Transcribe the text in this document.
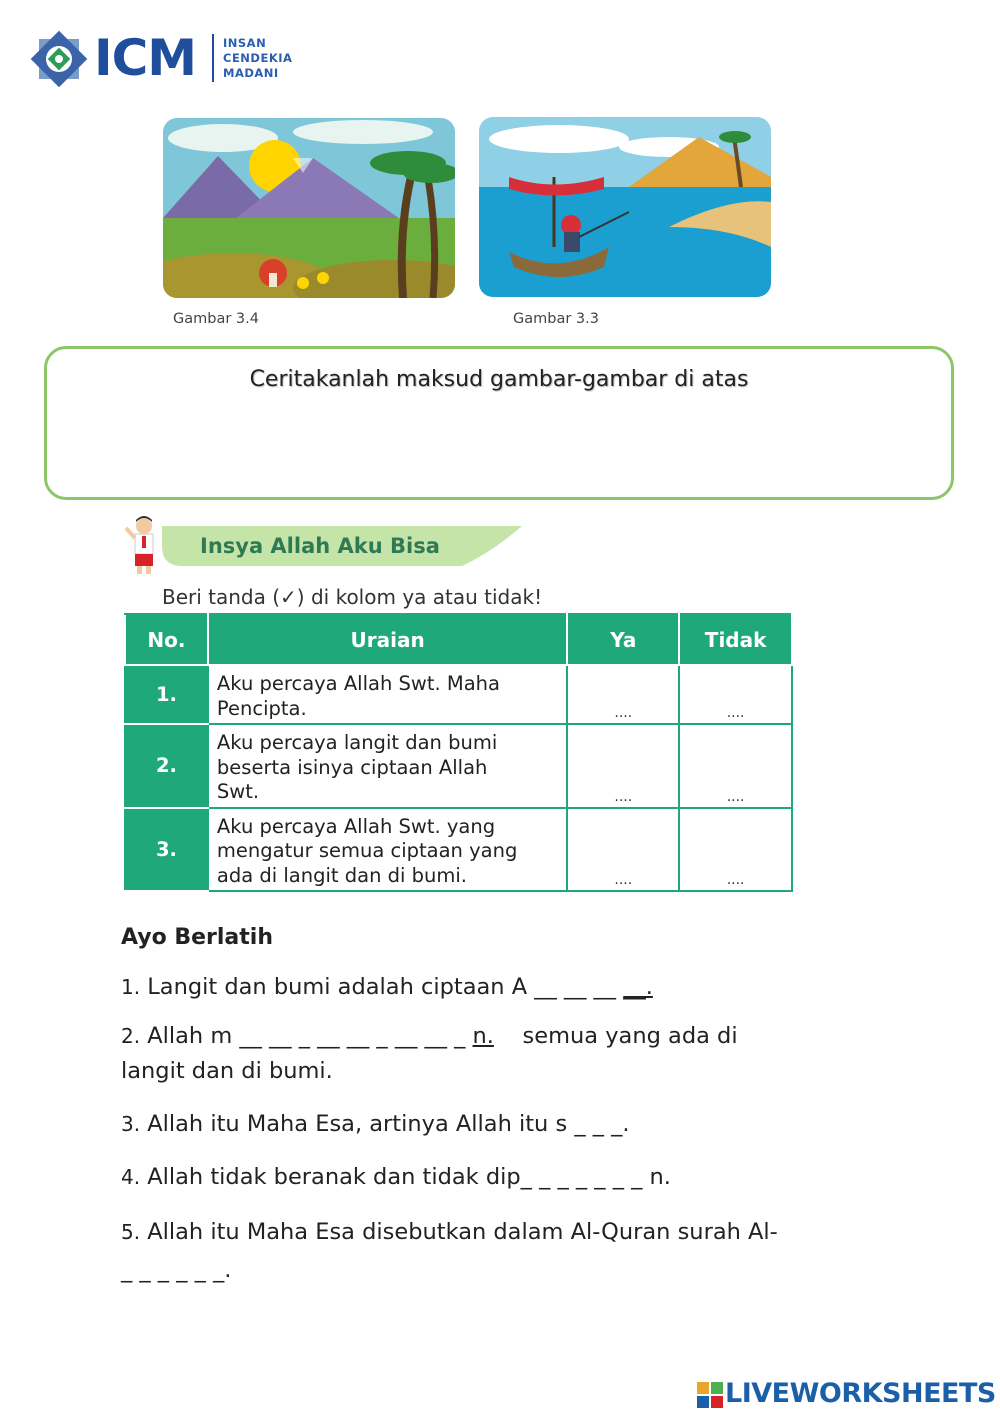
ICM INSAN
CENDEKIA
MADANI
Gambar 3.4	Gambar 3.3
Ceritakanlah maksud gambar-gambar di atas
Insya Allah Aku Bisa
Beri tanda (✓) di kolom ya atau tidak!
No.	Uraian	Ya	Tidak
1.	Aku percaya Allah Swt. Maha
Pencipta.	....	....
2.	Aku percaya langit dan bumi
beserta isinya ciptaan Allah
Swt.	....	....
3.	Aku percaya Allah Swt. yang
mengatur semua ciptaan yang
ada di langit dan di bumi.	....	....
Ayo Berlatih
1. Langit dan bumi adalah ciptaan A __ __ __ __.
2. Allah m __ __ _ __ __ _ __ __ _ n.    semua yang ada di
langit dan di bumi.
3. Allah itu Maha Esa, artinya Allah itu s _ _ _.
4. Allah tidak beranak dan tidak dip_ _ _ _ _ _ _ n.
5. Allah itu Maha Esa disebutkan dalam Al-Quran surah Al-
_ _ _ _ _ _.
LIVEWORKSHEETS
